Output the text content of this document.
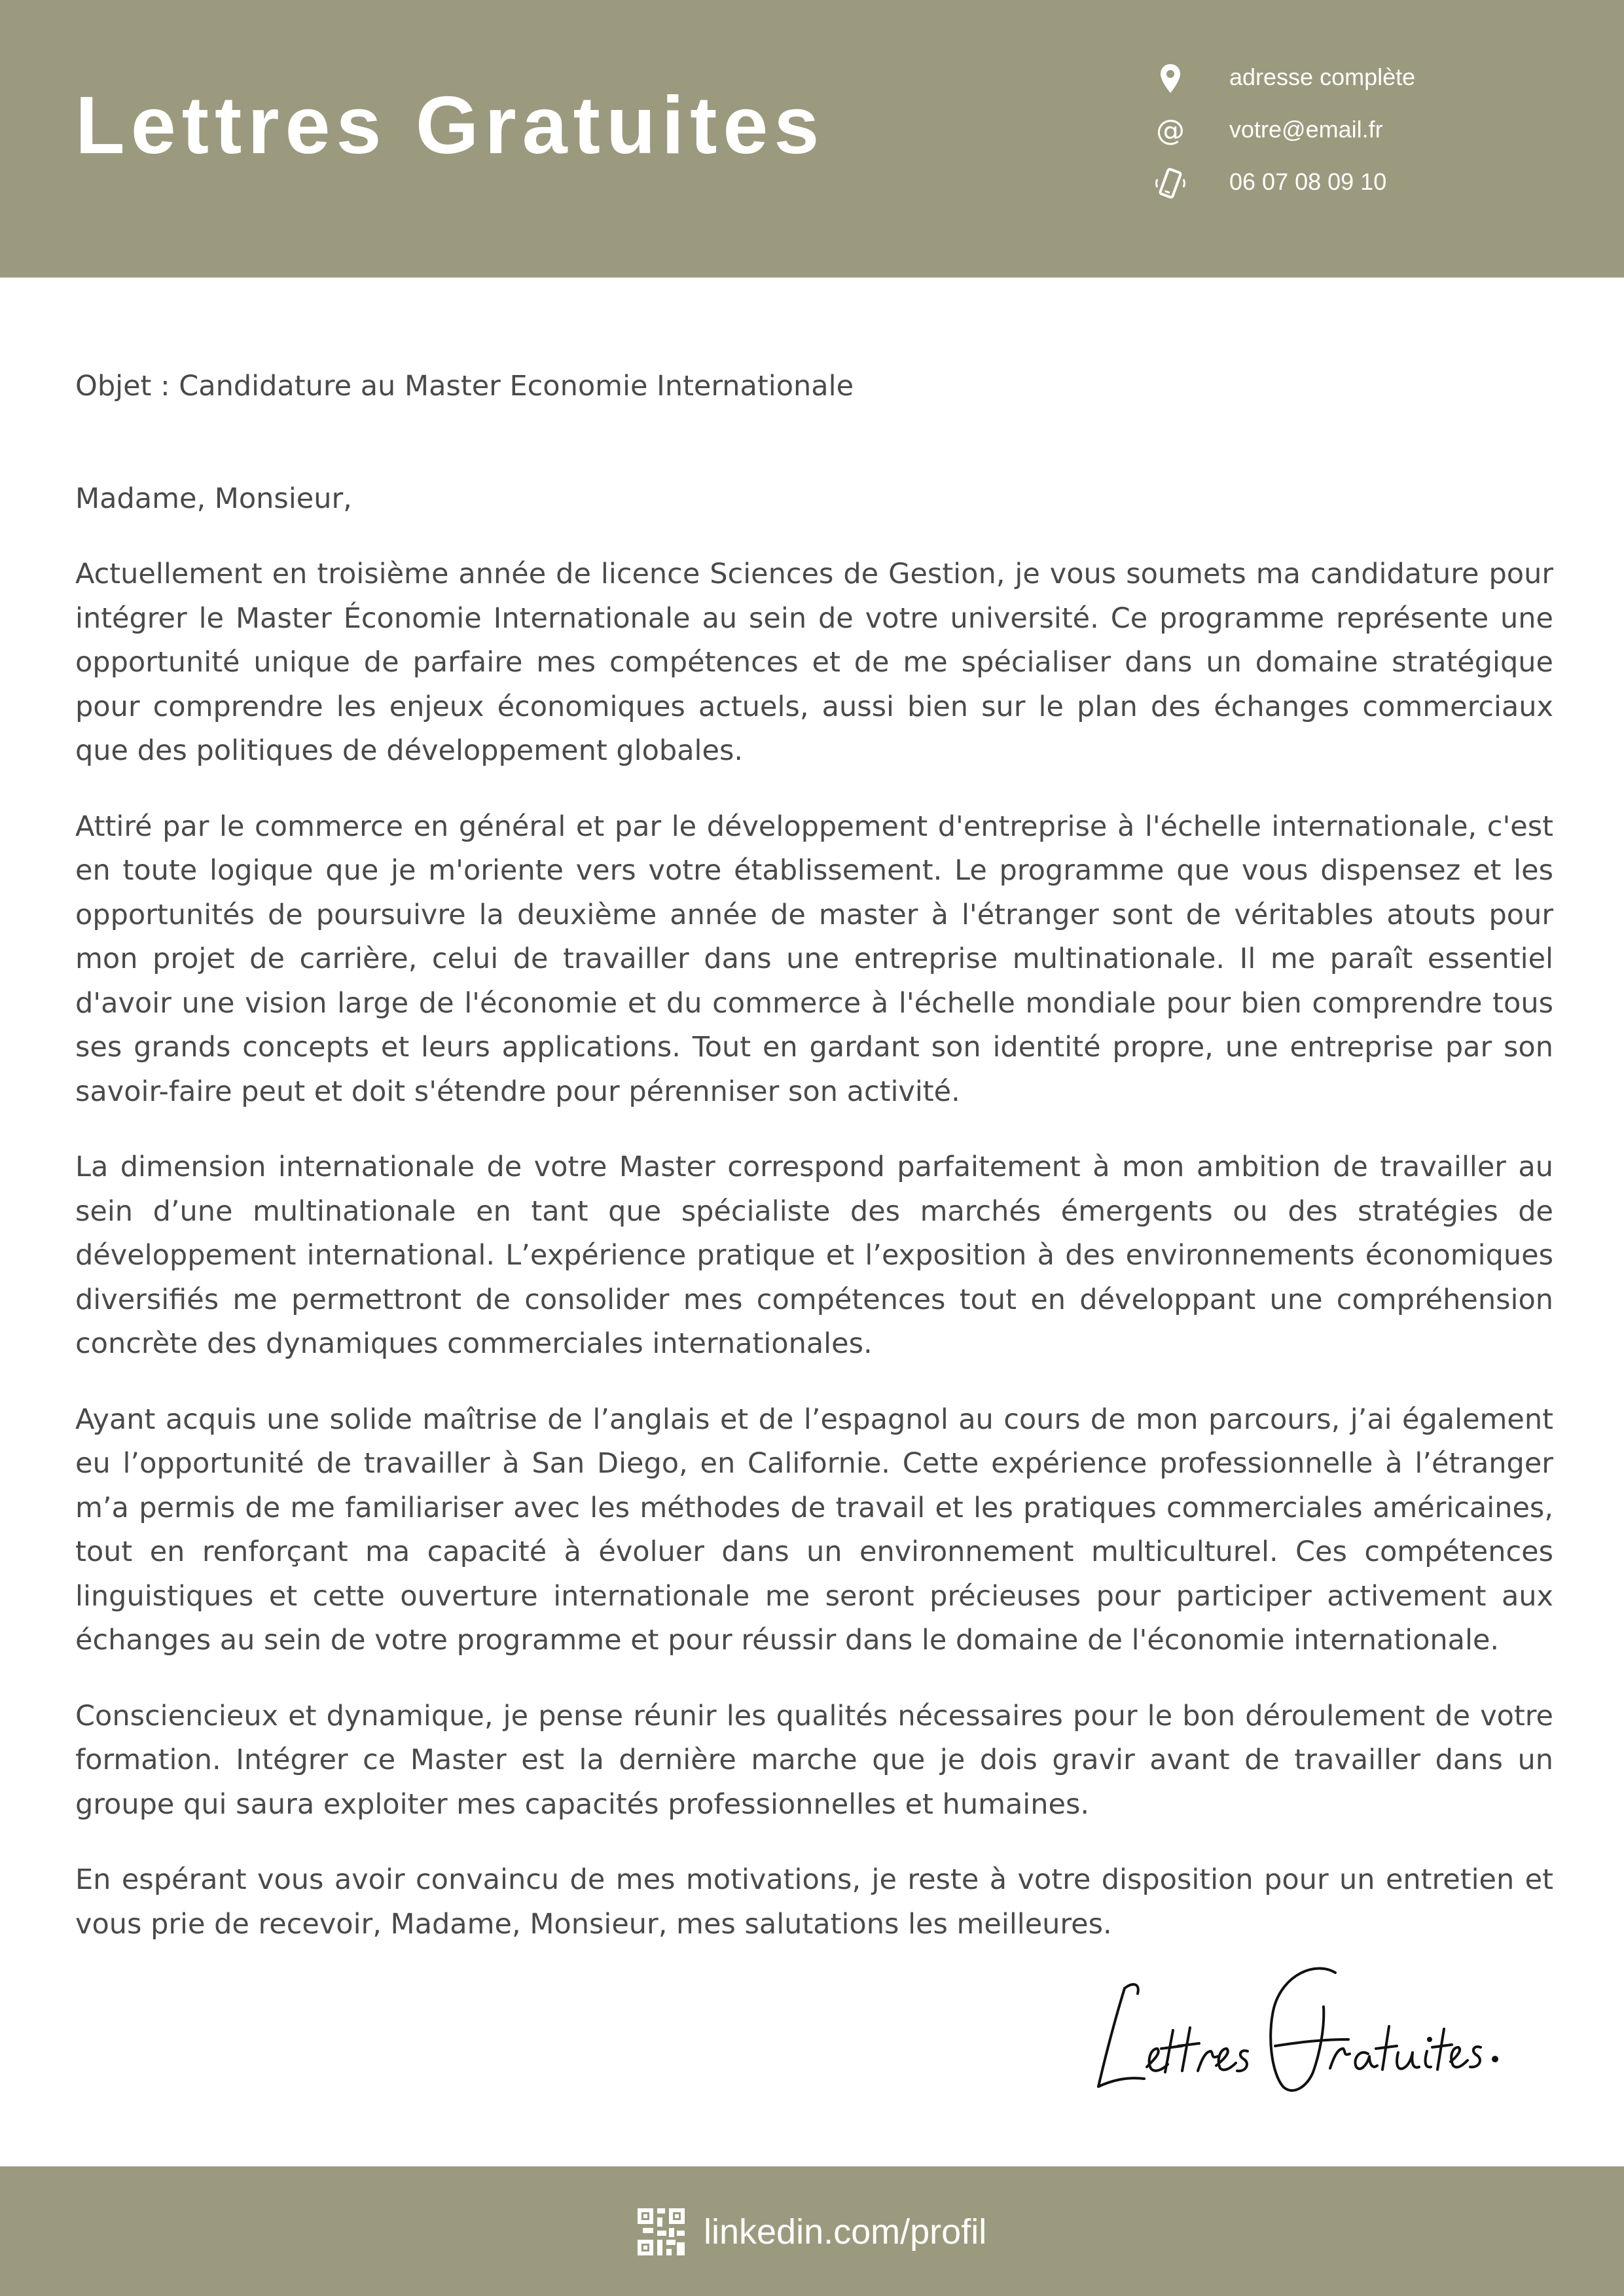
Lettres Gratuites
adresse complète
@ votre@email.fr
06 07 08 09 10

Objet : Candidature au Master Economie Internationale

Madame, Monsieur,

Actuellement en troisième année de licence Sciences de Gestion, je vous soumets ma candidature pour intégrer le Master Économie Internationale au sein de votre université. Ce programme représente une opportunité unique de parfaire mes compétences et de me spécialiser dans un domaine stratégique pour comprendre les enjeux économiques actuels, aussi bien sur le plan des échanges commerciaux que des politiques de développement globales.

Attiré par le commerce en général et par le développement d'entreprise à l'échelle internationale, c'est en toute logique que je m'oriente vers votre établissement. Le programme que vous dispensez et les opportunités de poursuivre la deuxième année de master à l'étranger sont de véritables atouts pour mon projet de carrière, celui de travailler dans une entreprise multinationale. Il me paraît essentiel d'avoir une vision large de l'économie et du commerce à l'échelle mondiale pour bien comprendre tous ses grands concepts et leurs applications. Tout en gardant son identité propre, une entreprise par son savoir-faire peut et doit s'étendre pour pérenniser son activité.

La dimension internationale de votre Master correspond parfaitement à mon ambition de travailler au sein d’une multinationale en tant que spécialiste des marchés émergents ou des stratégies de développement international. L’expérience pratique et l’exposition à des environnements économiques diversifiés me permettront de consolider mes compétences tout en développant une compréhension concrète des dynamiques commerciales internationales.

Ayant acquis une solide maîtrise de l’anglais et de l’espagnol au cours de mon parcours, j’ai également eu l’opportunité de travailler à San Diego, en Californie. Cette expérience professionnelle à l’étranger m’a permis de me familiariser avec les méthodes de travail et les pratiques commerciales américaines, tout en renforçant ma capacité à évoluer dans un environnement multiculturel. Ces compétences linguistiques et cette ouverture internationale me seront précieuses pour participer activement aux échanges au sein de votre programme et pour réussir dans le domaine de l'économie internationale.

Consciencieux et dynamique, je pense réunir les qualités nécessaires pour le bon déroulement de votre formation. Intégrer ce Master est la dernière marche que je dois gravir avant de travailler dans un groupe qui saura exploiter mes capacités professionnelles et humaines.

En espérant vous avoir convaincu de mes motivations, je reste à votre disposition pour un entretien et vous prie de recevoir, Madame, Monsieur, mes salutations les meilleures.

linkedin.com/profil
